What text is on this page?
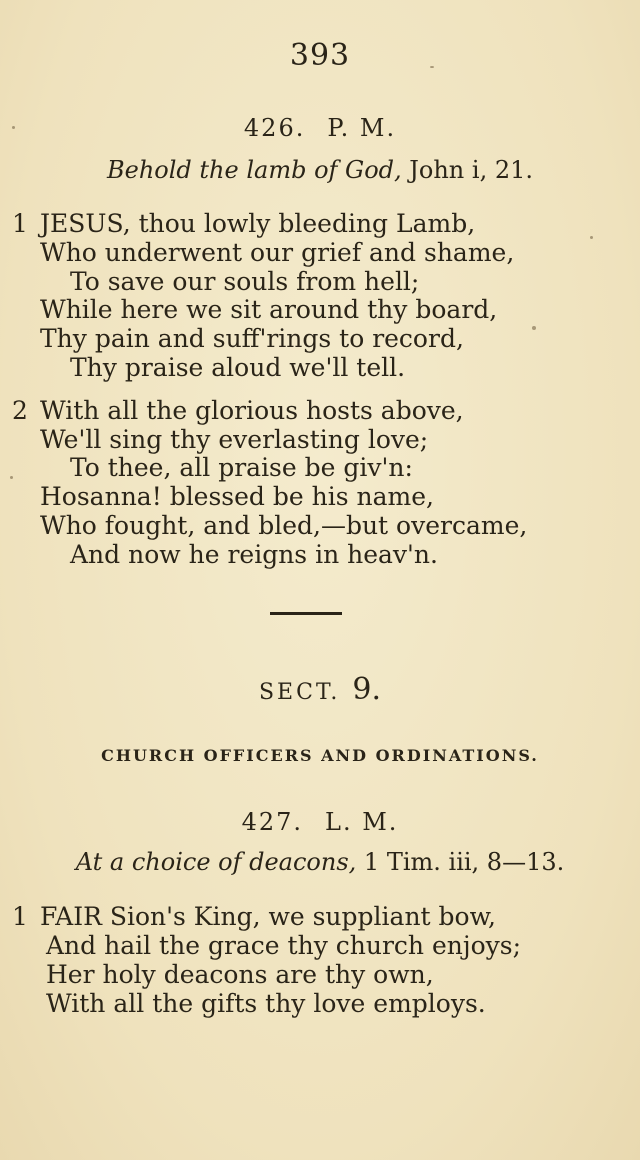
393
426. P. M.
Behold the lamb of God, John i, 21.
1 JESUS, thou lowly bleeding Lamb,
Who underwent our grief and shame,
To save our souls from hell;
While here we sit around thy board,
Thy pain and suff'rings to record,
Thy praise aloud we'll tell.
2 With all the glorious hosts above,
We'll sing thy everlasting love;
To thee, all praise be giv'n:
Hosanna! blessed be his name,
Who fought, and bled,—but overcame,
And now he reigns in heav'n.
SECT. 9.
CHURCH OFFICERS AND ORDINATIONS.
427. L. M.
At a choice of deacons, 1 Tim. iii, 8—13.
1 FAIR Sion's King, we suppliant bow,
And hail the grace thy church enjoys;
Her holy deacons are thy own,
With all the gifts thy love employs.
